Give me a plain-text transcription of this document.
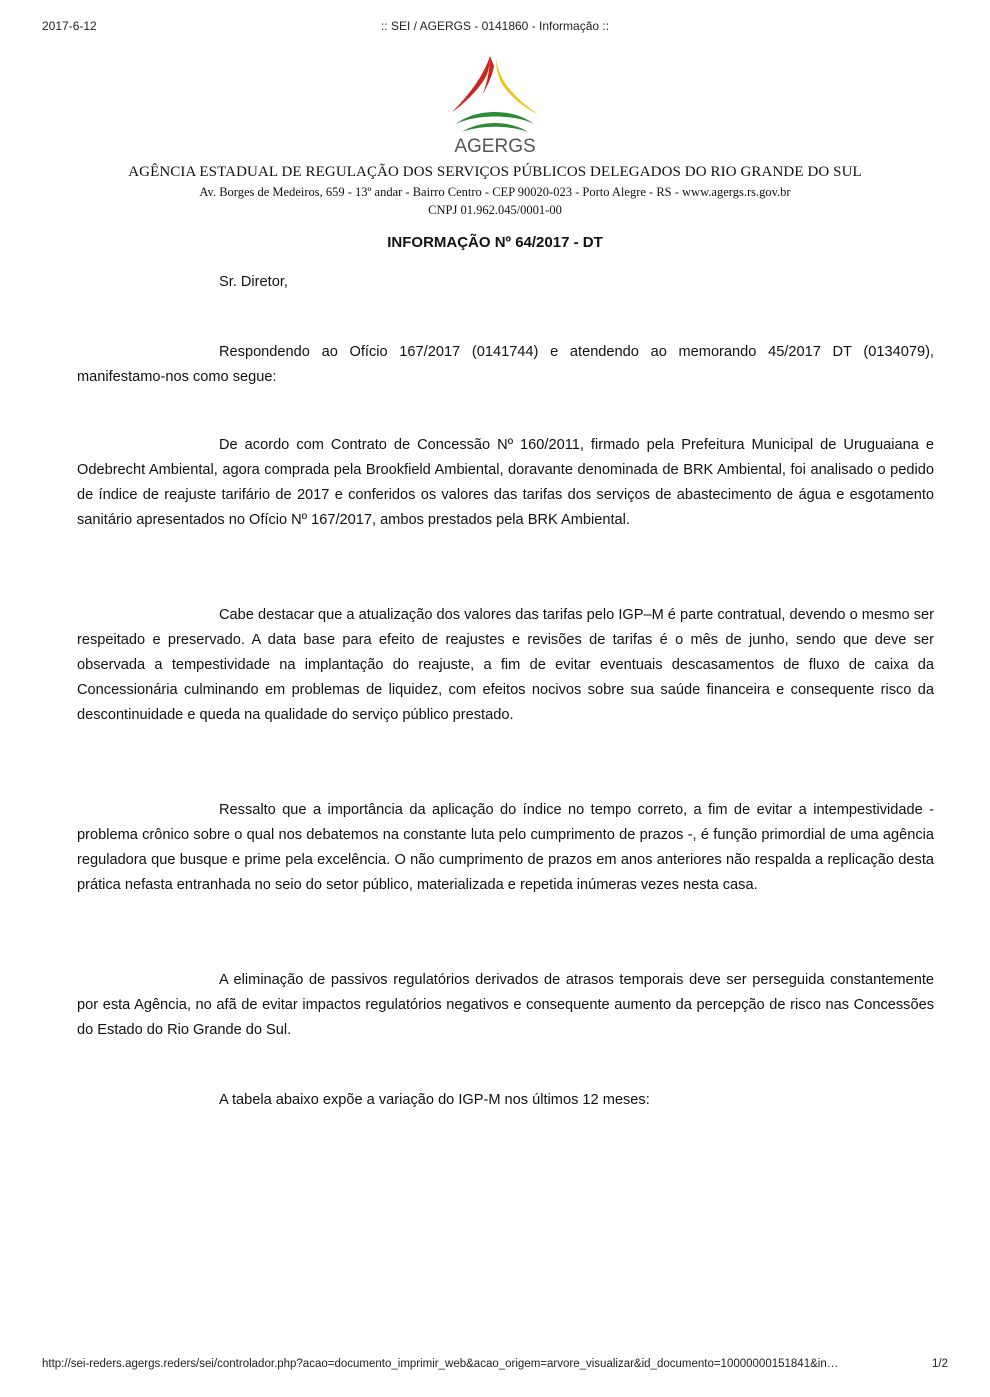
2017-6-12	:: SEI / AGERGS - 0141860 - Informação ::
AGERGS
AGÊNCIA ESTADUAL DE REGULAÇÃO DOS SERVIÇOS PÚBLICOS DELEGADOS DO RIO GRANDE DO SUL
Av. Borges de Medeiros, 659 - 13º andar - Bairro Centro - CEP 90020-023 - Porto Alegre - RS - www.agergs.rs.gov.br
CNPJ 01.962.045/0001-00
INFORMAÇÃO Nº 64/2017 - DT
Sr. Diretor,

Respondendo ao Ofício 167/2017 (0141744) e atendendo ao memorando 45/2017 DT (0134079), manifestamo-nos como segue:

De acordo com Contrato de Concessão Nº 160/2011, firmado pela Prefeitura Municipal de Uruguaiana e Odebrecht Ambiental, agora comprada pela Brookfield Ambiental, doravante denominada de BRK Ambiental, foi analisado o pedido de índice de reajuste tarifário de 2017 e conferidos os valores das tarifas dos serviços de abastecimento de água e esgotamento sanitário apresentados no Ofício Nº 167/2017, ambos prestados pela BRK Ambiental.

Cabe destacar que a atualização dos valores das tarifas pelo IGP–M é parte contratual, devendo o mesmo ser respeitado e preservado. A data base para efeito de reajustes e revisões de tarifas é o mês de junho, sendo que deve ser observada a tempestividade na implantação do reajuste, a fim de evitar eventuais descasamentos de fluxo de caixa da Concessionária culminando em problemas de liquidez, com efeitos nocivos sobre sua saúde financeira e consequente risco da descontinuidade e queda na qualidade do serviço público prestado.

Ressalto que a importância da aplicação do índice no tempo correto, a fim de evitar a intempestividade - problema crônico sobre o qual nos debatemos na constante luta pelo cumprimento de prazos -, é função primordial de uma agência reguladora que busque e prime pela excelência. O não cumprimento de prazos em anos anteriores não respalda a replicação desta prática nefasta entranhada no seio do setor público, materializada e repetida inúmeras vezes nesta casa.

A eliminação de passivos regulatórios derivados de atrasos temporais deve ser perseguida constantemente por esta Agência, no afã de evitar impactos regulatórios negativos e consequente aumento da percepção de risco nas Concessões do Estado do Rio Grande do Sul.

A tabela abaixo expõe a variação do IGP-M nos últimos 12 meses:

http://sei-reders.agergs.reders/sei/controlador.php?acao=documento_imprimir_web&acao_origem=arvore_visualizar&id_documento=10000000151841&in…	1/2
